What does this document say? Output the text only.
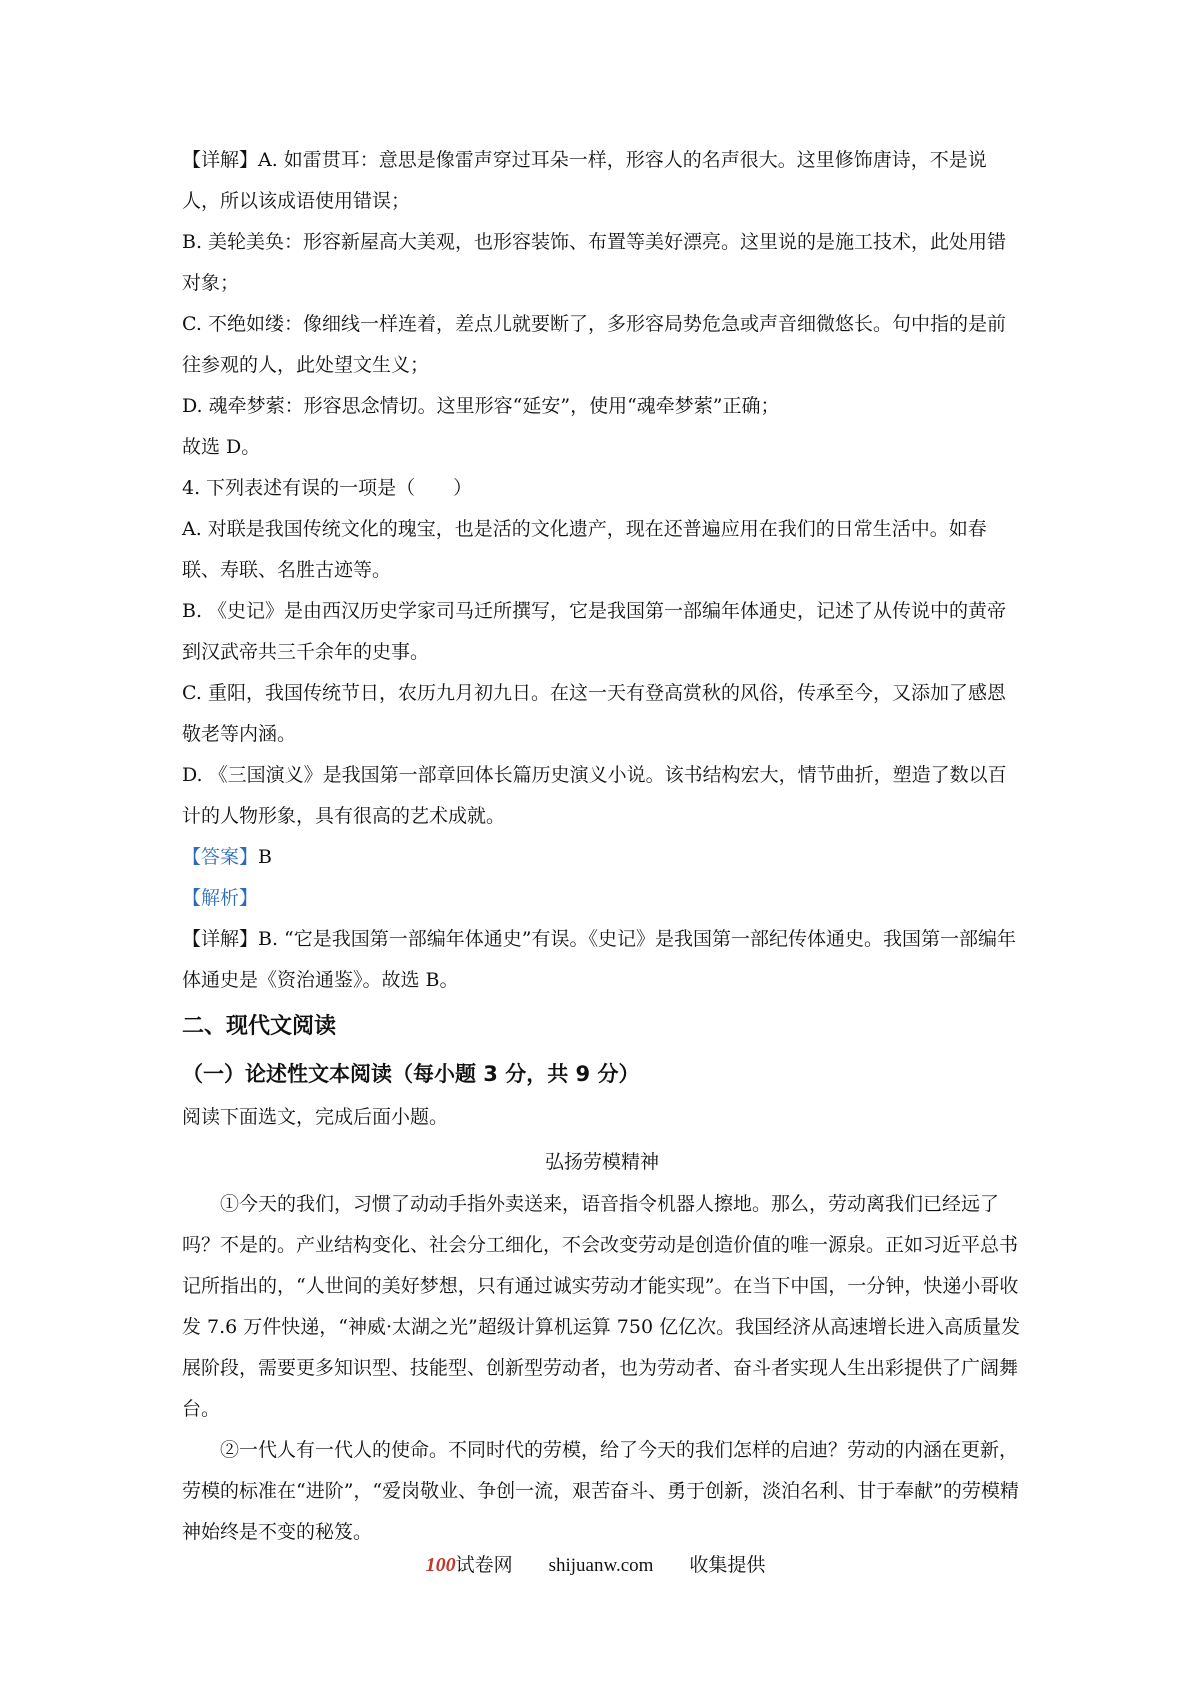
【详解】A. 如雷贯耳：意思是像雷声穿过耳朵一样，形容人的名声很大。这里修饰唐诗，不是说人，所以该成语使用错误；

B. 美轮美奂：形容新屋高大美观，也形容装饰、布置等美好漂亮。这里说的是施工技术，此处用错对象；

C. 不绝如缕：像细线一样连着，差点儿就要断了，多形容局势危急或声音细微悠长。句中指的是前往参观的人，此处望文生义；

D. 魂牵梦萦：形容思念情切。这里形容“延安”，使用“魂牵梦萦”正确；

故选 D。

4. 下列表述有误的一项是（　　）

A. 对联是我国传统文化的瑰宝，也是活的文化遗产，现在还普遍应用在我们的日常生活中。如春联、寿联、名胜古迹等。

B. 《史记》是由西汉历史学家司马迁所撰写，它是我国第一部编年体通史，记述了从传说中的黄帝到汉武帝共三千余年的史事。

C. 重阳，我国传统节日，农历九月初九日。在这一天有登高赏秋的风俗，传承至今，又添加了感恩敬老等内涵。

D. 《三国演义》是我国第一部章回体长篇历史演义小说。该书结构宏大，情节曲折，塑造了数以百计的人物形象，具有很高的艺术成就。

【答案】B

【解析】

【详解】B. “它是我国第一部编年体通史”有误。《史记》是我国第一部纪传体通史。我国第一部编年体通史是《资治通鉴》。故选 B。

二、现代文阅读

（一）论述性文本阅读（每小题 3 分，共 9 分）

阅读下面选文，完成后面小题。

弘扬劳模精神

①今天的我们，习惯了动动手指外卖送来，语音指令机器人擦地。那么，劳动离我们已经远了吗？不是的。产业结构变化、社会分工细化，不会改变劳动是创造价值的唯一源泉。正如习近平总书记所指出的，“人世间的美好梦想，只有通过诚实劳动才能实现”。在当下中国，一分钟，快递小哥收发 7.6 万件快递，“神威·太湖之光”超级计算机运算 750 亿亿次。我国经济从高速增长进入高质量发展阶段，需要更多知识型、技能型、创新型劳动者，也为劳动者、奋斗者实现人生出彩提供了广阔舞台。

②一代人有一代人的使命。不同时代的劳模，给了今天的我们怎样的启迪？劳动的内涵在更新，劳模的标准在“进阶”，“爱岗敬业、争创一流，艰苦奋斗、勇于创新，淡泊名利、甘于奉献”的劳模精神始终是不变的秘笈。

100试卷网 shijuanw.com 收集提供
